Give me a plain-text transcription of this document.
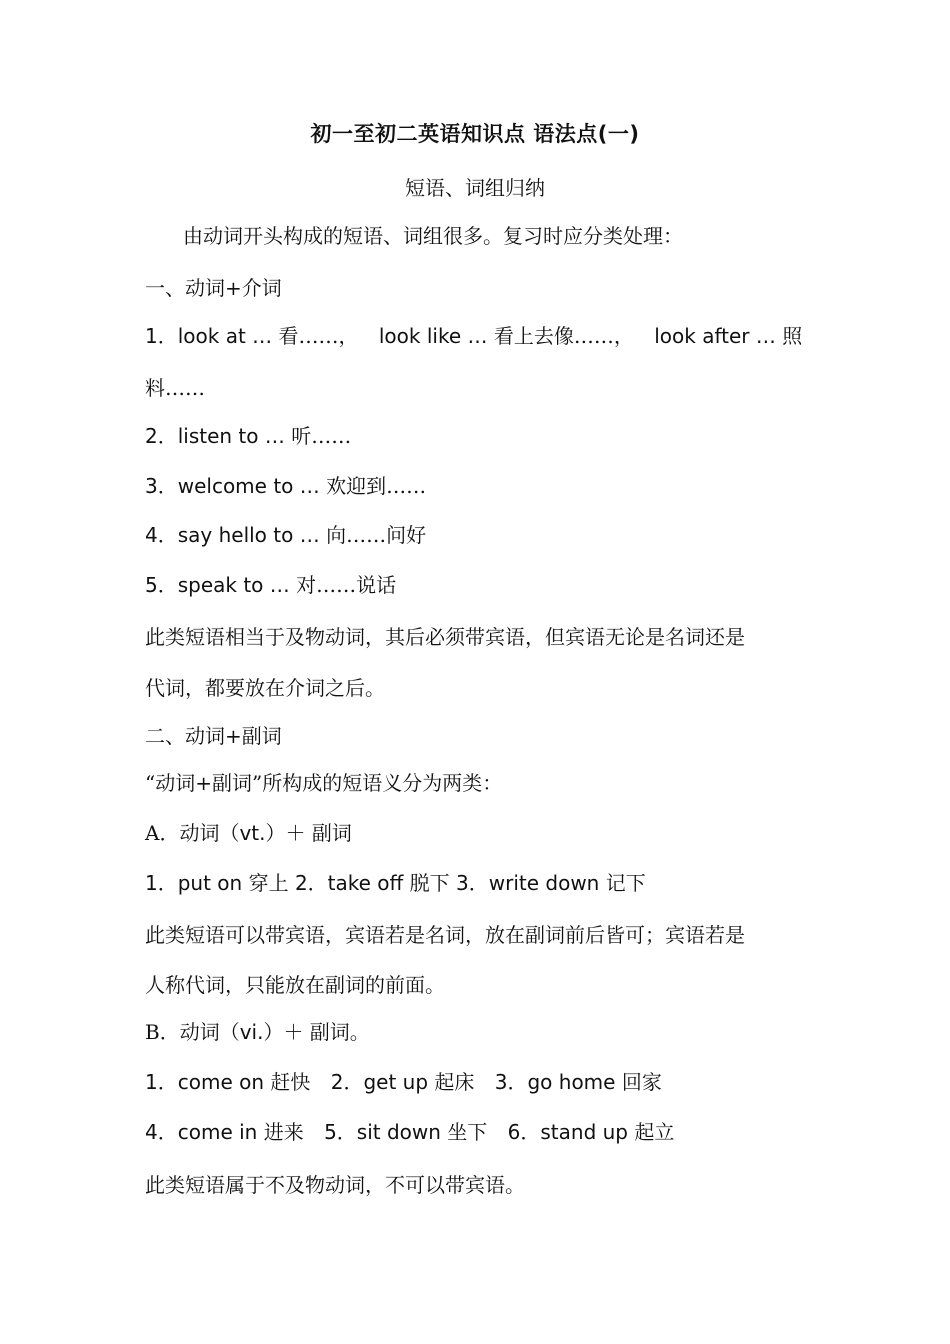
初一至初二英语知识点 语法点(一)
短语、词组归纳
由动词开头构成的短语、词组很多。复习时应分类处理：
一、动词+介词
1．look at … 看……， look like … 看上去像……， look after … 照
料……
2．listen to … 听……
3．welcome to … 欢迎到……
4．say hello to … 向……问好
5．speak to … 对……说话
此类短语相当于及物动词，其后必须带宾语，但宾语无论是名词还是
代词，都要放在介词之后。
二、动词+副词
“动词+副词”所构成的短语义分为两类：
A．动词（vt.）＋ 副词
1．put on 穿上 2．take off 脱下 3．write down 记下
此类短语可以带宾语，宾语若是名词，放在副词前后皆可；宾语若是
人称代词，只能放在副词的前面。
B．动词（vi.）＋ 副词。
1．come on 赶快 2．get up 起床 3．go home 回家
4．come in 进来 5．sit down 坐下 6．stand up 起立
此类短语属于不及物动词，不可以带宾语。
